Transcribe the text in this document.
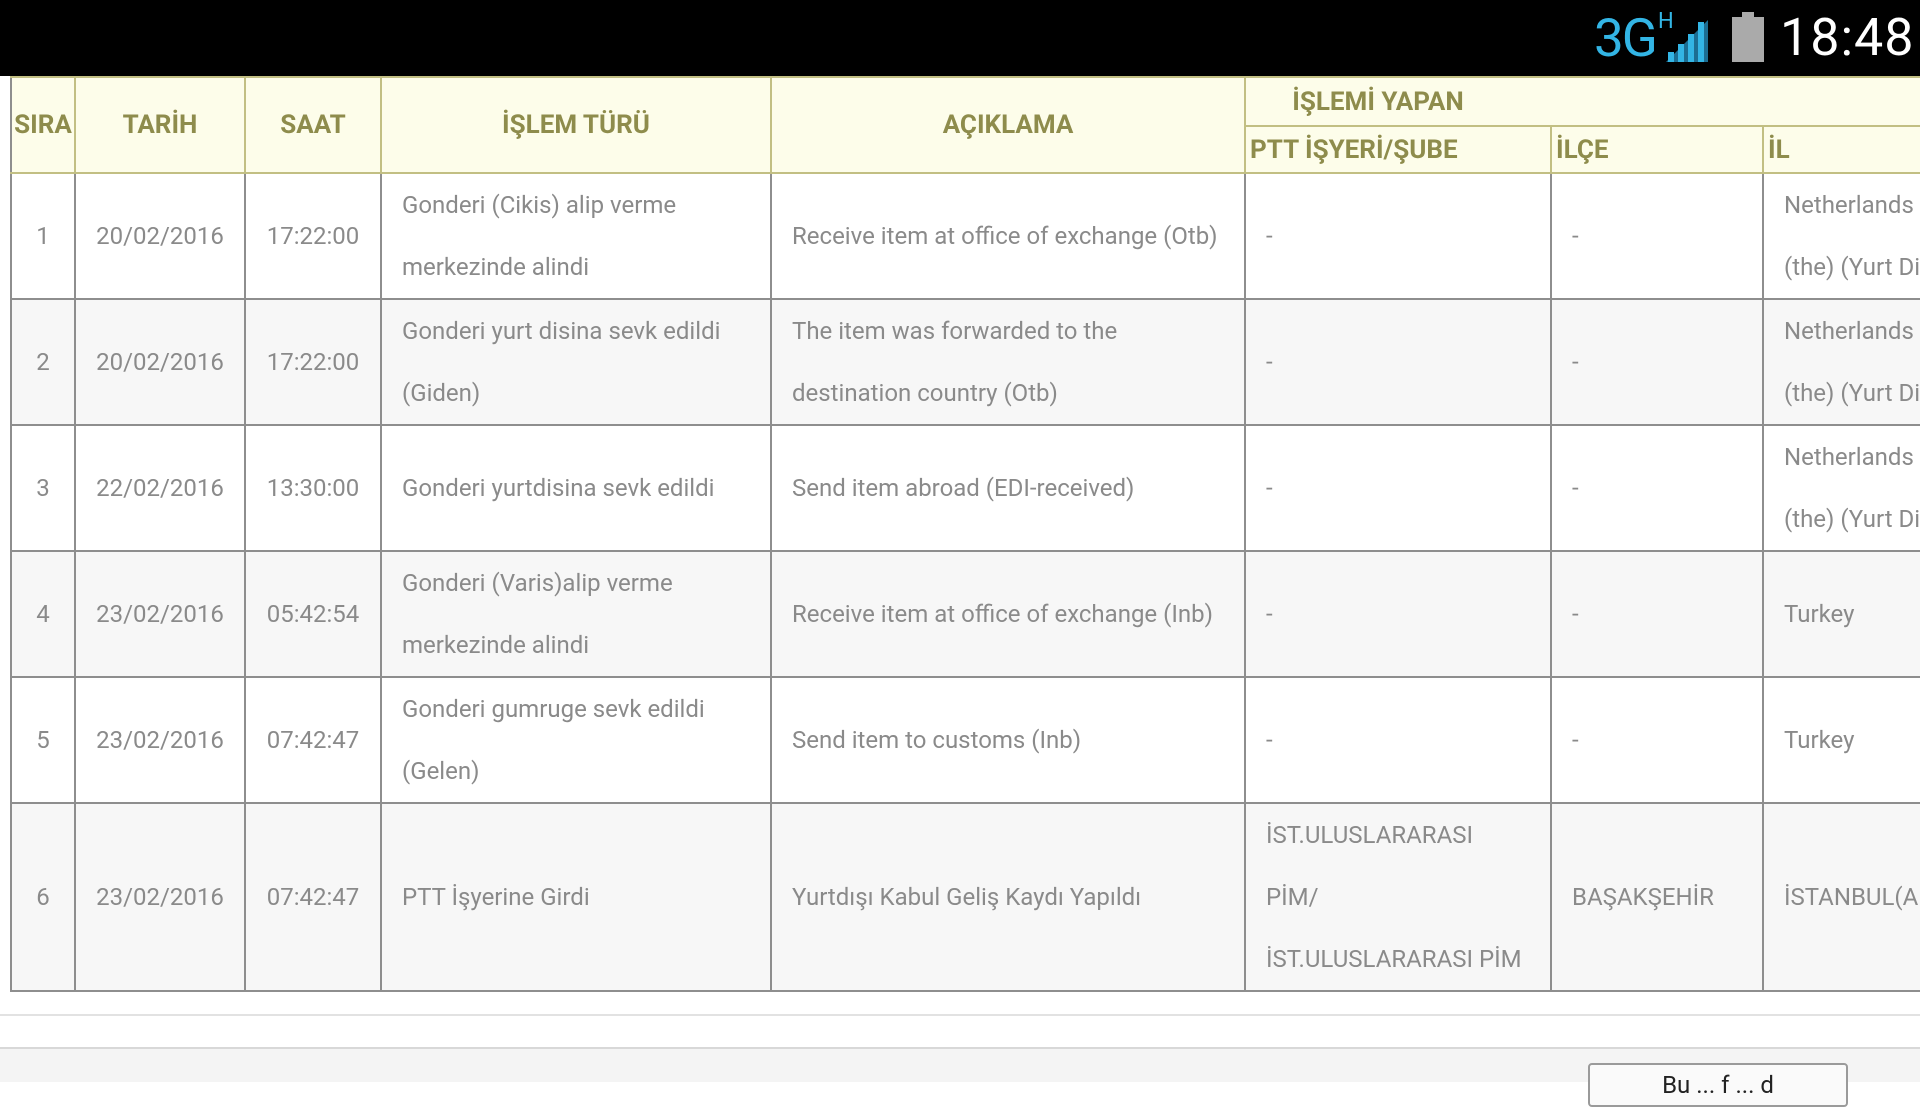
3G H 18:48
SIRA	TARİH	SAAT	İŞLEM TÜRÜ	AÇIKLAMA	İŞLEMİ YAPAN		
					PTT İŞYERİ/ŞUBE	İLÇE	İL
1	20/02/2016	17:22:00	Gonderi (Cikis) alip verme merkezinde alindi	Receive item at office of exchange (Otb)	-	-	Netherlands
(the) (Yurt Di
2	20/02/2016	17:22:00	Gonderi yurt disina sevk edildi (Giden)	The item was forwarded to the destination country (Otb)	-	-	Netherlands
(the) (Yurt Di
3	22/02/2016	13:30:00	Gonderi yurtdisina sevk edildi	Send item abroad (EDI-received)	-	-	Netherlands
(the) (Yurt Di
4	23/02/2016	05:42:54	Gonderi (Varis)alip verme merkezinde alindi	Receive item at office of exchange (Inb)	-	-	Turkey
5	23/02/2016	07:42:47	Gonderi gumruge sevk edildi (Gelen)	Send item to customs (Inb)	-	-	Turkey
6	23/02/2016	07:42:47	PTT İşyerine Girdi	Yurtdışı Kabul Geliş Kaydı Yapıldı	İST.ULUSLARARASI PİM/ İST.ULUSLARARASI PİM	BAŞAKŞEHİR	İSTANBUL(A
Bu ... f ... d
